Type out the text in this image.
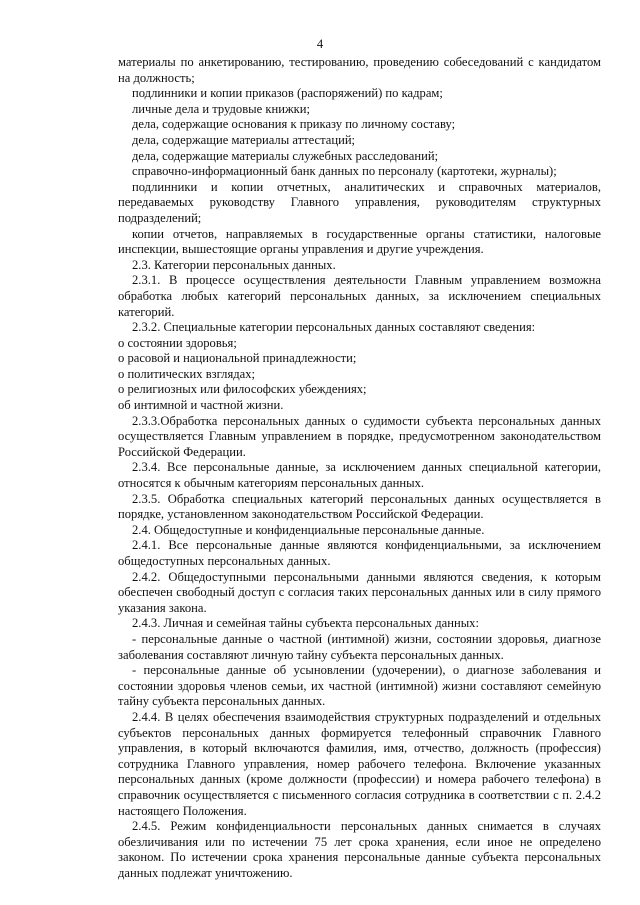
4

материалы по анкетированию, тестированию, проведению собеседований с кандидатом на должность;

подлинники и копии приказов (распоряжений) по кадрам;

личные дела и трудовые книжки;

дела, содержащие основания к приказу по личному составу;

дела, содержащие материалы аттестаций;

дела, содержащие материалы служебных расследований;

справочно-информационный банк данных по персоналу (картотеки, журналы);

подлинники и копии отчетных, аналитических и справочных материалов, передаваемых руководству Главного управления, руководителям структурных подразделений;

копии отчетов, направляемых в государственные органы статистики, налоговые инспекции, вышестоящие органы управления и другие учреждения.

2.3. Категории персональных данных.

2.3.1. В процессе осуществления деятельности Главным управлением возможна обработка любых категорий персональных данных, за исключением специальных категорий.

2.3.2. Специальные категории персональных данных составляют сведения:

о состоянии здоровья;

о расовой и национальной принадлежности;

о политических взглядах;

о религиозных или философских убеждениях;

об интимной и частной жизни.

2.3.3.Обработка персональных данных о судимости субъекта персональных данных осуществляется Главным управлением в порядке, предусмотренном законодательством Российской Федерации.

2.3.4. Все персональные данные, за исключением данных специальной категории, относятся к обычным категориям персональных данных.

2.3.5. Обработка специальных категорий персональных данных осуществляется в порядке, установленном законодательством Российской Федерации.

2.4. Общедоступные и конфиденциальные персональные данные.

2.4.1. Все персональные данные являются конфиденциальными, за исключением общедоступных персональных данных.

2.4.2. Общедоступными персональными данными являются сведения, к которым обеспечен свободный доступ с согласия таких персональных данных или в силу прямого указания закона.

2.4.3. Личная и семейная тайны субъекта персональных данных:

- персональные данные о частной (интимной) жизни, состоянии здоровья, диагнозе заболевания составляют личную тайну субъекта персональных данных.

- персональные данные об усыновлении (удочерении), о диагнозе заболевания и состоянии здоровья членов семьи, их частной (интимной) жизни составляют семейную тайну субъекта персональных данных.

2.4.4. В целях обеспечения взаимодействия структурных подразделений и отдельных субъектов персональных данных формируется телефонный справочник Главного управления, в который включаются фамилия, имя, отчество, должность (профессия) сотрудника Главного управления, номер рабочего телефона. Включение указанных персональных данных (кроме должности (профессии) и номера рабочего телефона) в справочник осуществляется с письменного согласия сотрудника в соответствии с п. 2.4.2 настоящего Положения.

2.4.5. Режим конфиденциальности персональных данных снимается в случаях обезличивания или по истечении 75 лет срока хранения, если иное не определено законом. По истечении срока хранения персональные данные субъекта персональных данных подлежат уничтожению.
